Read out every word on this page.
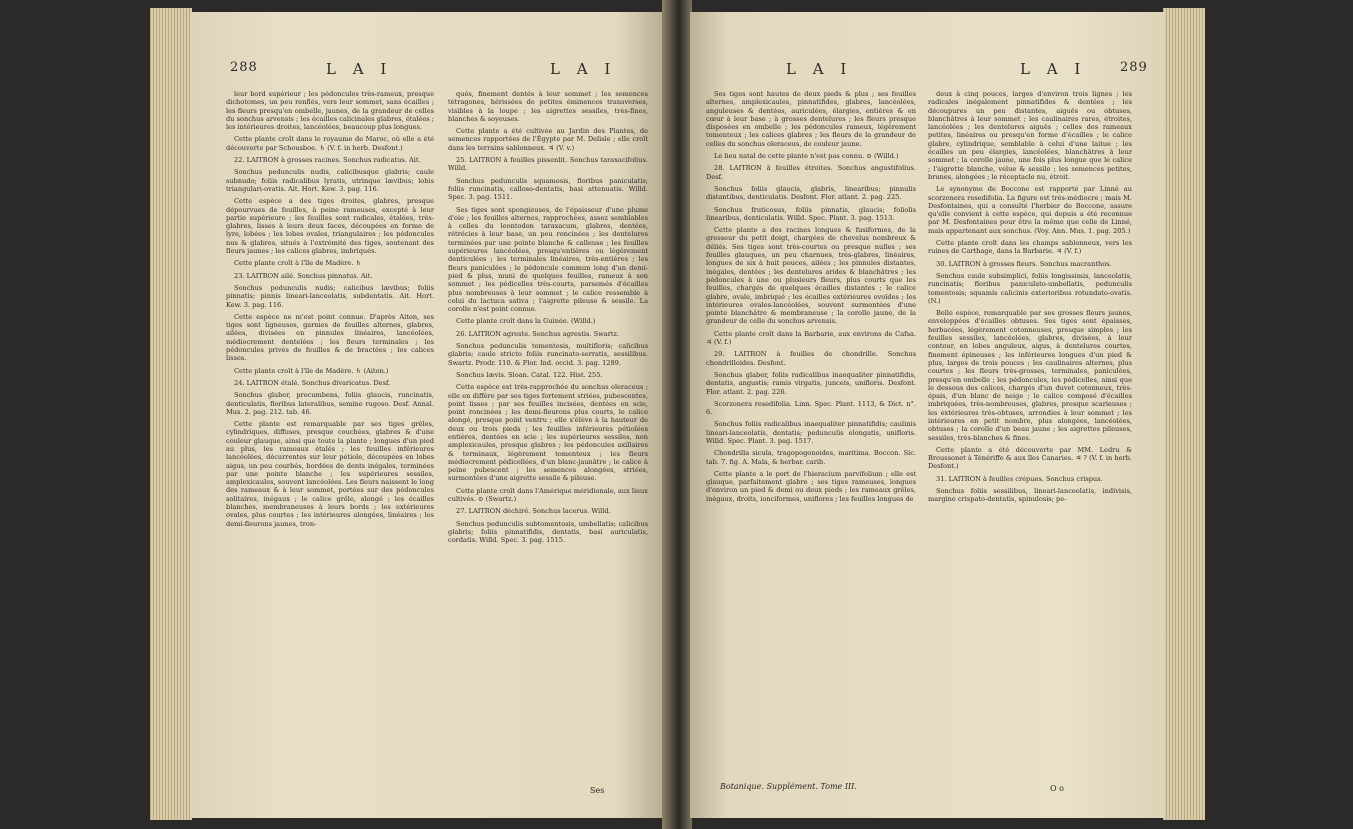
288	L A I	L A I

leur bord supérieur ; les pédoncules très-rameux, presque dichotomes, un peu renflés, vers leur sommet, sans écailles ; les fleurs presqu'en ombelle, jaunes, de la grandeur de celles du sonchus arvensis ; les écailles calicinales glabres, étalées ; les intérieures droites, lancéolées, beaucoup plus longues.

Cette plante croît dans le royaume de Maroc, où elle a été découverte par Schousboe. ♄ (V. f. in herb. Desfont.)

22. LAITRON à grosses racines. Sonchus radicatus. Ait.

Sonchus pedunculis nudis, calicibusque glabris; caule subnudo; foliis radicalibus lyratis, utrinque lævibus; lobis triangulari-ovatis. Ait. Hort. Kew. 3. pag. 116.

Cette espèce a des tiges droites, glabres, presque dépourvues de feuilles, à peine rameuses, excepté à leur partie supérieure ; les feuilles sont radicales, étalées, très-glabres, lisses à leurs deux faces, découpées en forme de lyre, lobées ; les lobes ovales, triangulaires ; les pédoncules nus & glabres, situés à l'extrémité des tiges, soutenant des fleurs jaunes ; les calices glabres, imbriqués.

Cette plante croît à l'île de Madère. ♄

23. LAITRON ailé. Sonchus pinnatus. Ait.

Sonchus pedunculis nudis; calicibus lævibus; foliis pinnatis; pinnis lineari-lanceolatis, subdentatis. Ait. Hort. Kew. 3. pag. 116.

Cette espèce ne m'est point connue. D'après Aiton, ses tiges sont ligneuses, garnies de feuilles alternes, glabres, ailées, divisées en pinnules linéaires, lancéolées, médiocrement dentelées ; les fleurs terminales ; les pédoncules privés de feuilles & de bractées ; les calices lisses.

Cette plante croît à l'île de Madère. ♄ (Aiton.)

24. LAITRON étalé. Sonchus divaricatus. Desf.

Sonchus glaber, procumbens, foliis glaucis, runcinatis, denticulatis, floribus lateralibus, semine rugoso. Desf. Annal. Mus. 2. pag. 212. tab. 46.

Cette plante est remarquable par ses tiges grêles, cylindriques, diffuses, presque couchées, glabres & d'une couleur glauque, ainsi que toute la plante ; longues d'un pied au plus, les rameaux étalés ; les feuilles inférieures lancéolées, décurrentes sur leur pétiole, découpées en lobes aigus, un peu courbés, bordées de dents inégales, terminées par une pointe blanche ; les supérieures sessiles, amplexicaules, souvent lancéolées. Les fleurs naissent le long des rameaux & à leur sommet, portées sur des pédoncules solitaires, inégaux ; le calice grêle, alongé ; les écailles blanches, membraneuses à leurs bords ; les extérieures ovales, plus courtes ; les intérieures alongées, linéaires ; les demi-fleurons jaunes, tron-

qués, finement dentés à leur sommet ; les semences tétragones, hérissées de petites éminences transverses, visibles à la loupe ; les aigrettes sessiles, très-fines, blanches & soyeuses.

Cette plante a été cultivée au Jardin des Plantes, de semences rapportées de l'Égypte par M. Delisle ; elle croît dans les terrains sablonneux. ♃ (V. v.)

25. LAITRON à feuilles pissenlit. Sonchus taraxacifolius. Willd.

Sonchus pedunculis squamosis, floribus paniculatis; foliis runcinatis, calloso-dentatis, basi attenuatis. Willd. Spec. 3. pag. 1511.

Ses tiges sont spongieuses, de l'épaisseur d'une plume d'oie ; les feuilles alternes, rapprochées, assez semblables à celles du leontodon taraxacum, glabres, dentées, rétrécies à leur base, un peu roncinées ; les dentelures terminées par une pointe blanche & calleuse ; les feuilles supérieures lancéolées, presqu'entières ou légèrement denticulées ; les terminales linéaires, très-entières ; les fleurs paniculées ; le pédoncule commun long d'un demi-pied & plus, muni de quelques feuilles, rameux à son sommet ; les pédicelles très-courts, parsemés d'écailles plus nombreuses à leur sommet ; le calice ressemble à celui du lactuca sativa ; l'aigrette pileuse & sessile. La corolle n'est point connue.

Cette plante croît dans la Guinée. (Willd.)

26. LAITRON agreste. Sonchus agrestis. Swartz.

Sonchus pedunculis tomentosis, multifloris; calicibus glabris; caule stricto foliis runcinato-serratis, sessilibus. Swartz. Prodr. 110. & Flor. Ind. occid. 3. pag. 1289.

Sonchus lævis. Sloan. Catal. 122. Hist. 255.

Cette espèce est très-rapprochée du sonchus oleraceus ; elle en diffère par ses tiges fortement striées, pubescentes, point lisses ; par ses feuilles incisées, dentées en scie, point roncinées ; les demi-fleurons plus courts, le calice alongé, presque point ventru ; elle s'élève à la hauteur de deux ou trois pieds ; les feuilles inférieures pétiolées entières, dentées en scie ; les supérieures sessiles, non amplexicaules, presque glabres ; les pédoncules axillaires & terminaux, légèrement tomenteux ; les fleurs médiocrement pédicellées, d'un blanc-jaunâtre ; le calice à peine pubescent ; les semences alongées, striées, surmontées d'une aigrette sessile & pileuse.

Cette plante croît dans l'Amérique méridionale, aux lieux cultivés. ⊙ (Swartz.)

27. LAITRON déchiré. Sonchus lacerus. Willd.

Sonchus pedunculis subtomentosis, umbellatis; calicibus glabris; foliis pinnatifidis, dentatis, basi auriculatis, cordatis. Willd. Spec. 3. pag. 1515.

Ses
L A I	L A I	289

Ses tiges sont hautes de deux pieds & plus ; ses feuilles alternes, amplexicaules, pinnatifides, glabres, lancéolées, anguleuses & dentées, auriculées, élargies, entières & en cœur à leur base ; à grosses dentelures ; les fleurs presque disposées en ombelle ; les pédoncules rameux, légèrement tomenteux ; les calices glabres ; les fleurs de la grandeur de celles du sonchus oleraceus, de couleur jaune.

Le lieu natal de cette plante n'est pas connu. ⊙ (Willd.)

28. LAITRON à feuilles étroites. Sonchus angustifolius. Desf.

Sonchus foliis glaucis, glabris, linearibus; pinnulis distantibus, denticulatis. Desfont. Flor. atlant. 2. pag. 225.

Sonchus fruticosus, foliis pinnatis, glaucis; foliolis linearibus, denticulatis. Willd. Spec. Plant. 3. pag. 1513.

Cette plante a des racines longues & fusiformes, de la grosseur du petit doigt, chargées de chevelus nombreux & déliés. Ses tiges sont très-courtes ou presque nulles ; ses feuilles glauques, un peu charnues, très-glabres, linéaires, longues de six à huit pouces, ailées ; les pinnules distantes, inégales, dentées ; les dentelures arides & blanchâtres ; les pédoncules à une ou plusieurs fleurs, plus courts que les feuilles, chargés de quelques écailles distantes ; le calice glabre, ovale, imbriqué ; les écailles extérieures ovoïdes ; les intérieures ovales-lancéolées, souvent surmontées d'une pointe blanchâtre & membraneuse ; la corolle jaune, de la grandeur de celle du sonchus arvensis.

Cette plante croît dans la Barbarie, aux environs de Cafsa. ♃ (V. f.)

29. LAITRON à feuilles de chondrille. Sonchus chondrilloides. Desfont.

Sonchus glaber, foliis radicalibus inaequaliter pinnatifidis, dentatis, angustis; ramis virgatis, junceis, unifloris. Desfont. Flor. atlant. 2. pag. 226.

Scorzonera resedifolia. Linn. Spec. Plant. 1113, & Dict. n°. 6.

Sonchus foliis radicalibus inaequaliter pinnatifidis; caulinis lineari-lanceolatis, dentatis; pedunculis elongatis, unifloris. Willd. Spec. Plant. 3. pag. 1517.

Chondrilla sicula, tragopogonoides, maritima. Boccon. Sic. tab. 7. fig. A. Mala, & herbar. carib.

Cette plante a le port de l'hieracium parvifolium ; elle est glauque, parfaitement glabre ; ses tiges rameuses, longues d'environ un pied & demi ou deux pieds ; les rameaux grêles, inégaux, droits, ionciformes, uniflores ; les feuilles longues de

deux à cinq pouces, larges d'environ trois lignes ; les radicales inégalement pinnatifides & dentées ; les découpures un peu distantes, aiguës ou obtuses, blanchâtres à leur sommet ; les caulinaires rares, étroites, lancéolées ; les dentelures aiguës ; celles des rameaux petites, linéaires ou presqu'en forme d'écailles ; le calice glabre, cylindrique, semblable à celui d'une laitue ; les écailles un peu élargies, lancéolées, blanchâtres à leur sommet ; la corolle jaune, une fois plus longue que le calice ; l'aigrette blanche, velue & sessile ; les semences petites, brunes, alongées ; le réceptacle nu, étroit.

Le synonyme de Boccone est rapporté par Linné au scorzonera resedifolia. La figure est très-médiocre ; mais M. Desfontaines, qui a consulté l'herbier de Boccone, assure qu'elle convient à cette espèce, qui depuis a été reconnue par M. Desfontaines pour être la même que celle de Linné, mais appartenant aux sonchus. (Voy. Ann. Mus. 1. pag. 205.)

Cette plante croît dans les champs sablonneux, vers les ruines de Carthage, dans la Barbarie. ♃ (V. f.)

30. LAITRON à grosses fleurs. Sonchus macranthos.

Sonchus caule subsimplici, foliis longissimis, lanceolatis, runcinatis; floribus paniculato-umbellatis, pedunculis tomentosis; squamis calicinis exterioribus rotundato-ovatis. (N.)

Belle espèce, remarquable par ses grosses fleurs jaunes, enveloppées d'écailles obtuses. Ses tiges sont épaisses, herbacées, légèrement cotonneuses, presque simples ; les feuilles sessiles, lancéolées, glabres, divisées, à leur contour, en lobes anguleux, aigus, à dentelures courtes, finement épineuses ; les inférieures longues d'un pied & plus, larges de trois pouces ; les caulinaires alternes, plus courtes ; les fleurs très-grosses, terminales, paniculées, presqu'en ombelle ; les pédoncules, les pédicelles, ainsi que le dessous des calices, chargés d'un duvet cotonneux, très-épais, d'un blanc de neige ; le calice composé d'écailles imbriquées, très-nombreuses, glabres, presque scarieuses ; les extérieures très-obtuses, arrondies à leur sommet ; les intérieures en petit nombre, plus alongées, lancéolées, obtuses ; la corolle d'un beau jaune ; les aigrettes pileuses, sessiles, très-blanches & fines.

Cette plante a été découverte par MM. Ledru & Broussonet à Ténériffe & aux îles Canaries. ♃ ? (V. f. in herb. Desfont.)

31. LAITRON à feuilles crépues. Sonchus crispus.

Sonchus foliis sessilibus, lineari-lanceolatis, indivisis, margine crispato-dentatis, spinulosis; pe-

Botanique. Supplément. Tome III.	O o
